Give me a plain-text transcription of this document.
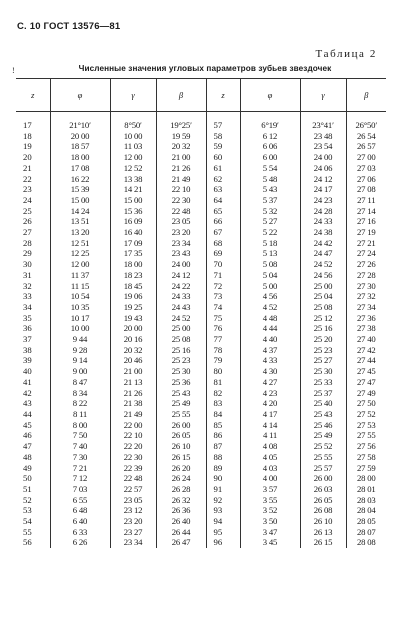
С. 10 ГОСТ 13576—81
Таблица 2
!	Численные значения угловых параметров зубьев звездочек
z	φ	γ	β	z	φ	γ	β
17	21°10′	8°50′	19°25′	57	6°19′	23°41′	26°50′
18	20 00	10 00	19 59	58	6 12	23 48	26 54
19	18 57	11 03	20 32	59	6 06	23 54	26 57
20	18 00	12 00	21 00	60	6 00	24 00	27 00
21	17 08	12 52	21 26	61	5 54	24 06	27 03
22	16 22	13 38	21 49	62	5 48	24 12	27 06
23	15 39	14 21	22 10	63	5 43	24 17	27 08
24	15 00	15 00	22 30	64	5 37	24 23	27 11
25	14 24	15 36	22 48	65	5 32	24 28	27 14
26	13 51	16 09	23 05	66	5 27	24 33	27 16
27	13 20	16 40	23 20	67	5 22	24 38	27 19
28	12 51	17 09	23 34	68	5 18	24 42	27 21
29	12 25	17 35	23 43	69	5 13	24 47	27 24
30	12 00	18 00	24 00	70	5 08	24 52	27 26
31	11 37	18 23	24 12	71	5 04	24 56	27 28
32	11 15	18 45	24 22	72	5 00	25 00	27 30
33	10 54	19 06	24 33	73	4 56	25 04	27 32
34	10 35	19 25	24 43	74	4 52	25 08	27 34
35	10 17	19 43	24 52	75	4 48	25 12	27 36
36	10 00	20 00	25 00	76	4 44	25 16	27 38
37	9 44	20 16	25 08	77	4 40	25 20	27 40
38	9 28	20 32	25 16	78	4 37	25 23	27 42
39	9 14	20 46	25 23	79	4 33	25 27	27 44
40	9 00	21 00	25 30	80	4 30	25 30	27 45
41	8 47	21 13	25 36	81	4 27	25 33	27 47
42	8 34	21 26	25 43	82	4 23	25 37	27 49
43	8 22	21 38	25 49	83	4 20	25 40	27 50
44	8 11	21 49	25 55	84	4 17	25 43	27 52
45	8 00	22 00	26 00	85	4 14	25 46	27 53
46	7 50	22 10	26 05	86	4 11	25 49	27 55
47	7 40	22 20	26 10	87	4 08	25 52	27 56
48	7 30	22 30	26 15	88	4 05	25 55	27 58
49	7 21	22 39	26 20	89	4 03	25 57	27 59
50	7 12	22 48	26 24	90	4 00	26 00	28 00
51	7 03	22 57	26 28	91	3 57	26 03	28 01
52	6 55	23 05	26 32	92	3 55	26 05	28 03
53	6 48	23 12	26 36	93	3 52	26 08	28 04
54	6 40	23 20	26 40	94	3 50	26 10	28 05
55	6 33	23 27	26 44	95	3 47	26 13	28 07
56	6 26	23 34	26 47	96	3 45	26 15	28 08
